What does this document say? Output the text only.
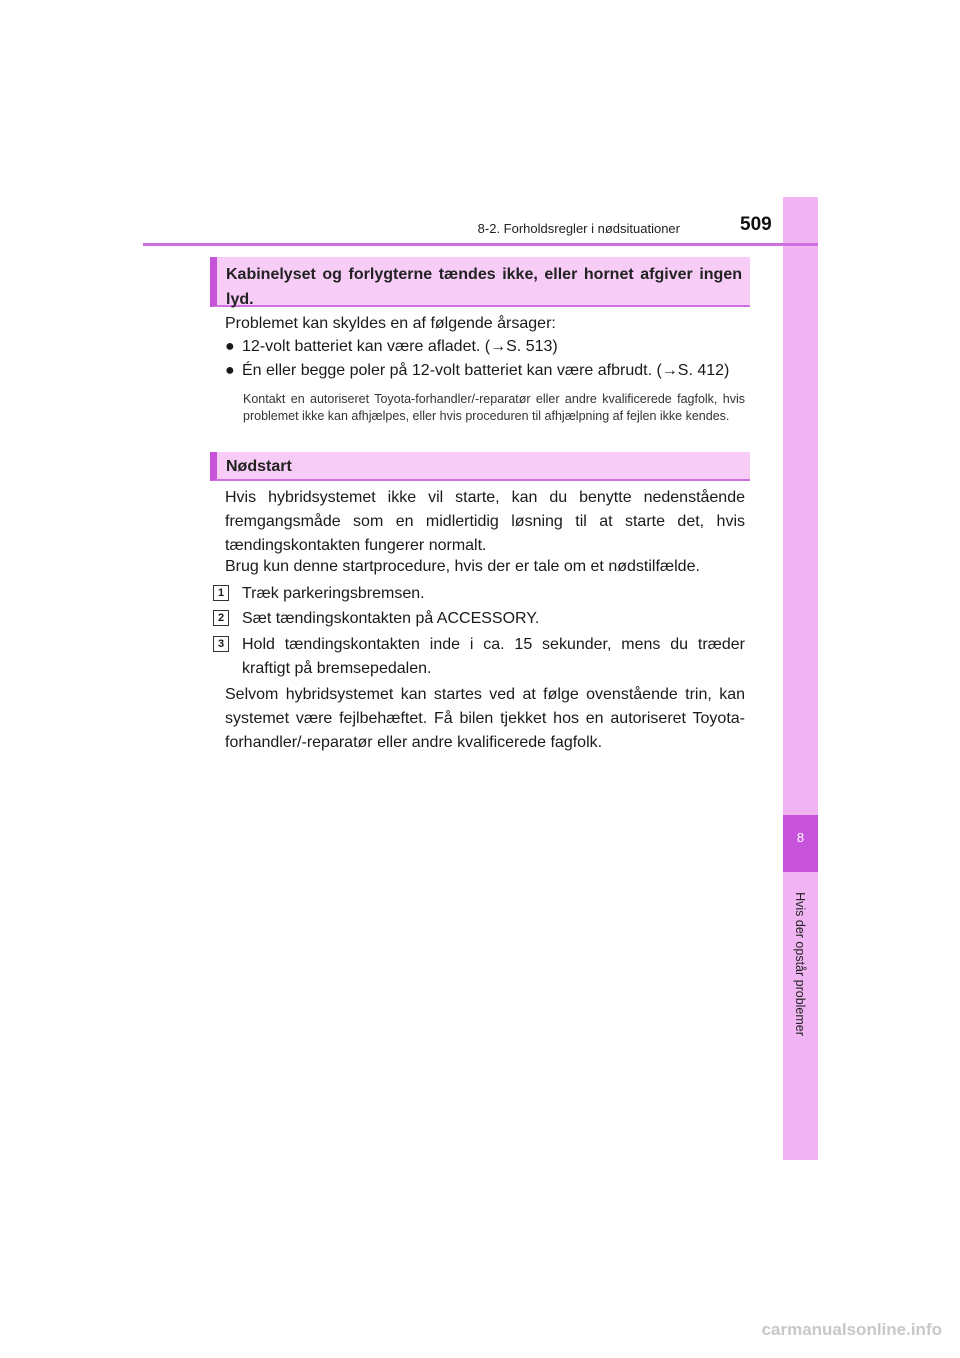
8
Hvis der opstår problemer
8-2. Forholdsregler i nødsituationer	509
Kabinelyset og forlygterne tændes ikke, eller hornet afgiver ingen lyd.
Problemet kan skyldes en af følgende årsager:
● 12-volt batteriet kan være afladet. (→S. 513)
● Én eller begge poler på 12-volt batteriet kan være afbrudt. (→S. 412)
Kontakt en autoriseret Toyota-forhandler/-reparatør eller andre kvalificerede fagfolk, hvis problemet ikke kan afhjælpes, eller hvis proceduren til afhjælpning af fejlen ikke kendes.
Nødstart
Hvis hybridsystemet ikke vil starte, kan du benytte nedenstående fremgangsmåde som en midlertidig løsning til at starte det, hvis tændingskontakten fungerer normalt.
Brug kun denne startprocedure, hvis der er tale om et nødstilfælde.
1	Træk parkeringsbremsen.
2	Sæt tændingskontakten på ACCESSORY.
3	Hold tændingskontakten inde i ca. 15 sekunder, mens du træder kraftigt på bremsepedalen.
Selvom hybridsystemet kan startes ved at følge ovenstående trin, kan systemet være fejlbehæftet. Få bilen tjekket hos en autoriseret Toyota-forhandler/-reparatør eller andre kvalificerede fagfolk.
carmanualsonline.info
